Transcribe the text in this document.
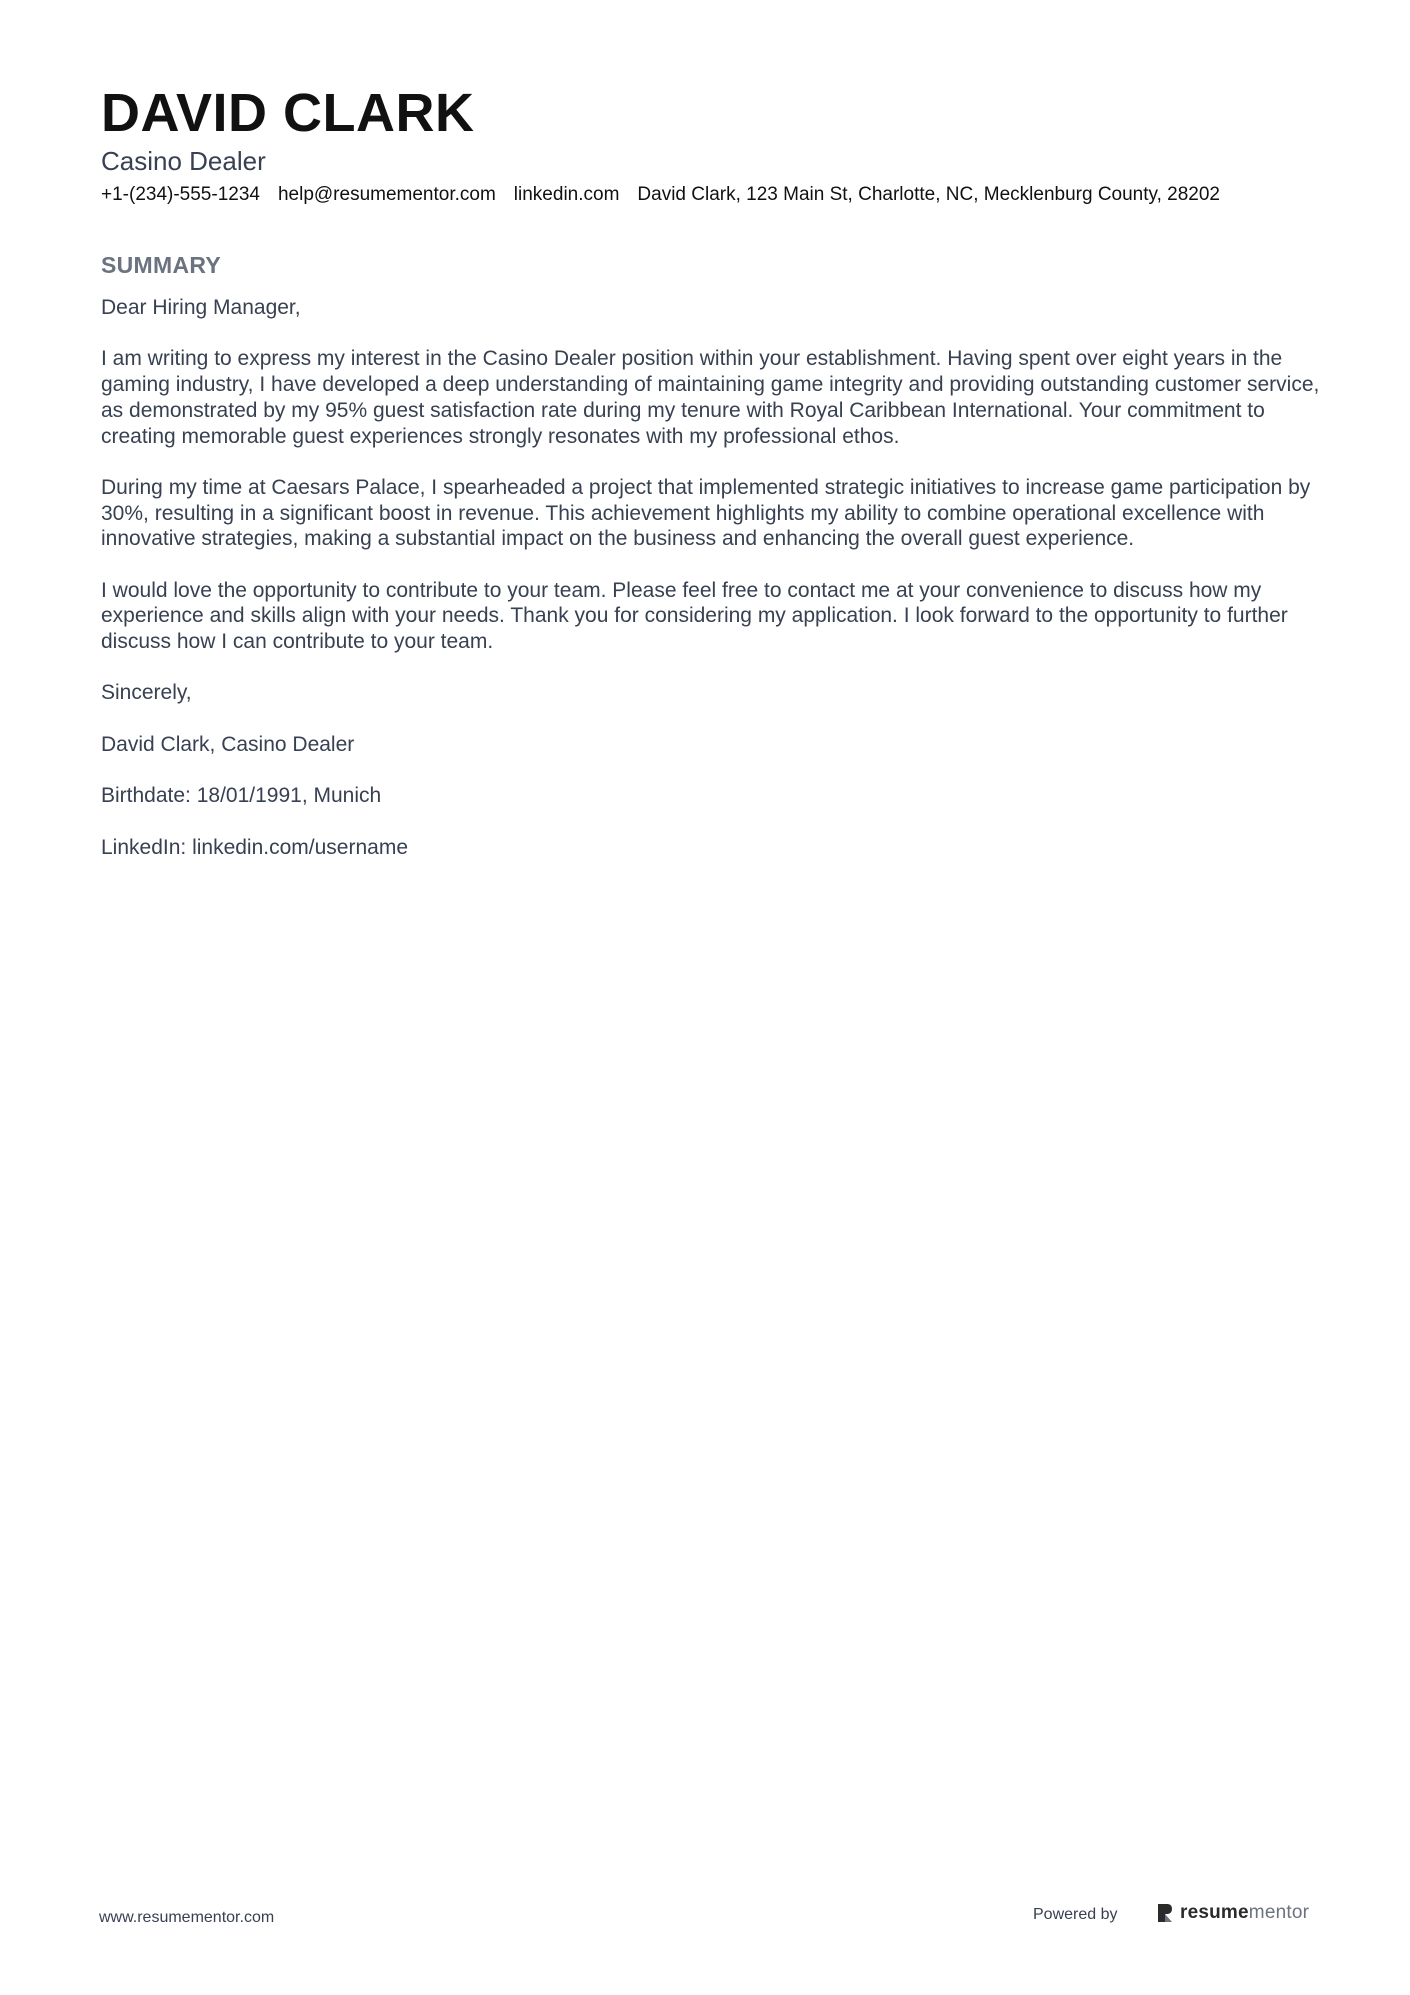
DAVID CLARK
Casino Dealer
+1-(234)-555-1234 help@resumementor.com linkedin.com David Clark, 123 Main St, Charlotte, NC, Mecklenburg County, 28202
SUMMARY

Dear Hiring Manager,

I am writing to express my interest in the Casino Dealer position within your establishment. Having spent over eight years in the gaming industry, I have developed a deep understanding of maintaining game integrity and providing outstanding customer service, as demonstrated by my 95% guest satisfaction rate during my tenure with Royal Caribbean International. Your commitment to creating memorable guest experiences strongly resonates with my professional ethos.

During my time at Caesars Palace, I spearheaded a project that implemented strategic initiatives to increase game participation by 30%, resulting in a significant boost in revenue. This achievement highlights my ability to combine operational excellence with innovative strategies, making a substantial impact on the business and enhancing the overall guest experience.

I would love the opportunity to contribute to your team. Please feel free to contact me at your convenience to discuss how my experience and skills align with your needs. Thank you for considering my application. I look forward to the opportunity to further discuss how I can contribute to your team.

Sincerely,

David Clark, Casino Dealer

Birthdate: 18/01/1991, Munich

LinkedIn: linkedin.com/username

www.resumementor.com	Powered by	resumementor
